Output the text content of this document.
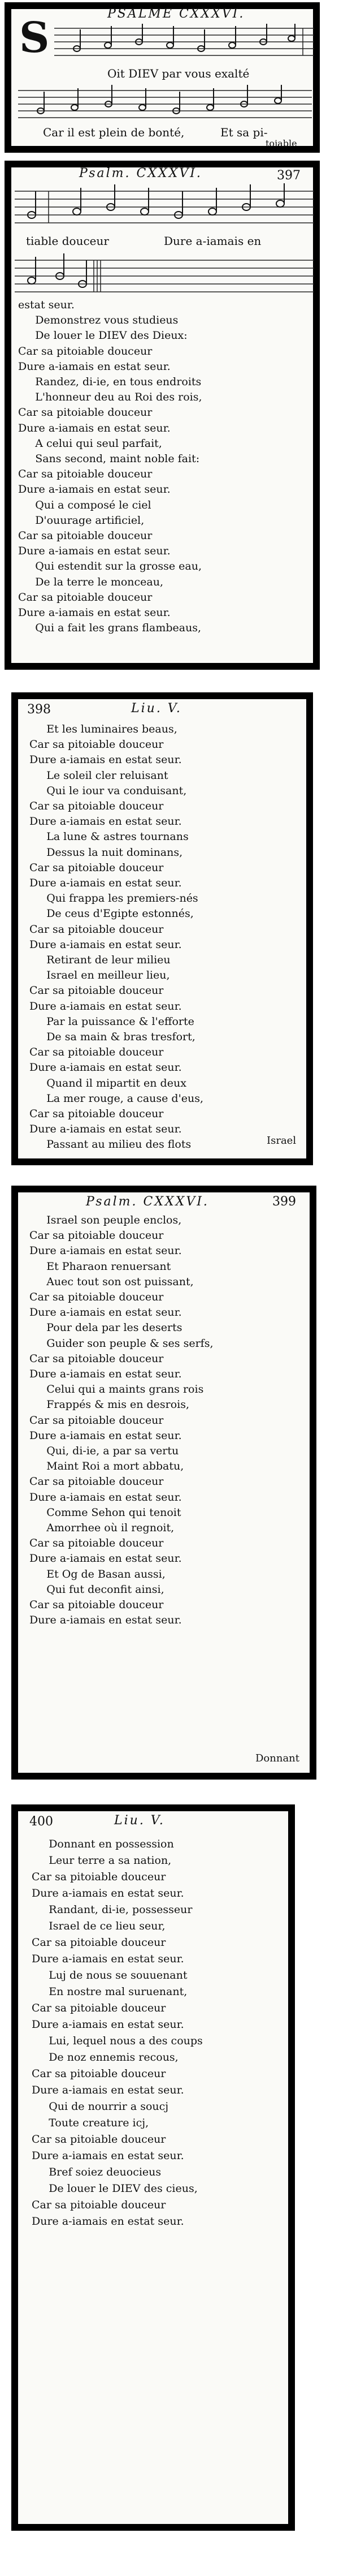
PSALME CXXXVI.
S
Oit DIEV par vous exalté
Car il est plein de bonté,	Et sa pi-
toiable
Psalm. CXXXVI.	397
tiable douceur	Dure a-iamais en
estat seur.
Demonstrez vous studieus
De louer le DIEV des Dieux:
Car sa pitoiable douceur
Dure a-iamais en estat seur.
Randez, di-ie, en tous endroits
L'honneur deu au Roi des rois,
Car sa pitoiable douceur
Dure a-iamais en estat seur.
A celui qui seul parfait,
Sans second, maint noble fait:
Car sa pitoiable douceur
Dure a-iamais en estat seur.
Qui a composé le ciel
D'ouurage artificiel,
Car sa pitoiable douceur
Dure a-iamais en estat seur.
Qui estendit sur la grosse eau,
De la terre le monceau,
Car sa pitoiable douceur
Dure a-iamais en estat seur.
Qui a fait les grans flambeaus,
398	Liu. V.
Et les luminaires beaus,
Car sa pitoiable douceur
Dure a-iamais en estat seur.
Le soleil cler reluisant
Qui le iour va conduisant,
Car sa pitoiable douceur
Dure a-iamais en estat seur.
La lune & astres tournans
Dessus la nuit dominans,
Car sa pitoiable douceur
Dure a-iamais en estat seur.
Qui frappa les premiers-nés
De ceus d'Egipte estonnés,
Car sa pitoiable douceur
Dure a-iamais en estat seur.
Retirant de leur milieu
Israel en meilleur lieu,
Car sa pitoiable douceur
Dure a-iamais en estat seur.
Par la puissance & l'efforte
De sa main & bras tresfort,
Car sa pitoiable douceur
Dure a-iamais en estat seur.
Quand il mipartit en deux
La mer rouge, a cause d'eus,
Car sa pitoiable douceur
Dure a-iamais en estat seur.
Passant au milieu des flots	Israel
Psalm. CXXXVI.	399
Israel son peuple enclos,
Car sa pitoiable douceur
Dure a-iamais en estat seur.
Et Pharaon renuersant
Auec tout son ost puissant,
Car sa pitoiable douceur
Dure a-iamais en estat seur.
Pour dela par les deserts
Guider son peuple & ses serfs,
Car sa pitoiable douceur
Dure a-iamais en estat seur.
Celui qui a maints grans rois
Frappés & mis en desrois,
Car sa pitoiable douceur
Dure a-iamais en estat seur.
Qui, di-ie, a par sa vertu
Maint Roi a mort abbatu,
Car sa pitoiable douceur
Dure a-iamais en estat seur.
Comme Sehon qui tenoit
Amorrhee où il regnoit,
Car sa pitoiable douceur
Dure a-iamais en estat seur.
Et Og de Basan aussi,
Qui fut deconfit ainsi,
Car sa pitoiable douceur
Dure a-iamais en estat seur.
Donnant
400	Liu. V.
Donnant en possession
Leur terre a sa nation,
Car sa pitoiable douceur
Dure a-iamais en estat seur.
Randant, di-ie, possesseur
Israel de ce lieu seur,
Car sa pitoiable douceur
Dure a-iamais en estat seur.
Luj de nous se souuenant
En nostre mal suruenant,
Car sa pitoiable douceur
Dure a-iamais en estat seur.
Lui, lequel nous a des coups
De noz ennemis recous,
Car sa pitoiable douceur
Dure a-iamais en estat seur.
Qui de nourrir a soucj
Toute creature icj,
Car sa pitoiable douceur
Dure a-iamais en estat seur.
Bref soiez deuocieus
De louer le DIEV des cieus,
Car sa pitoiable douceur
Dure a-iamais en estat seur.
